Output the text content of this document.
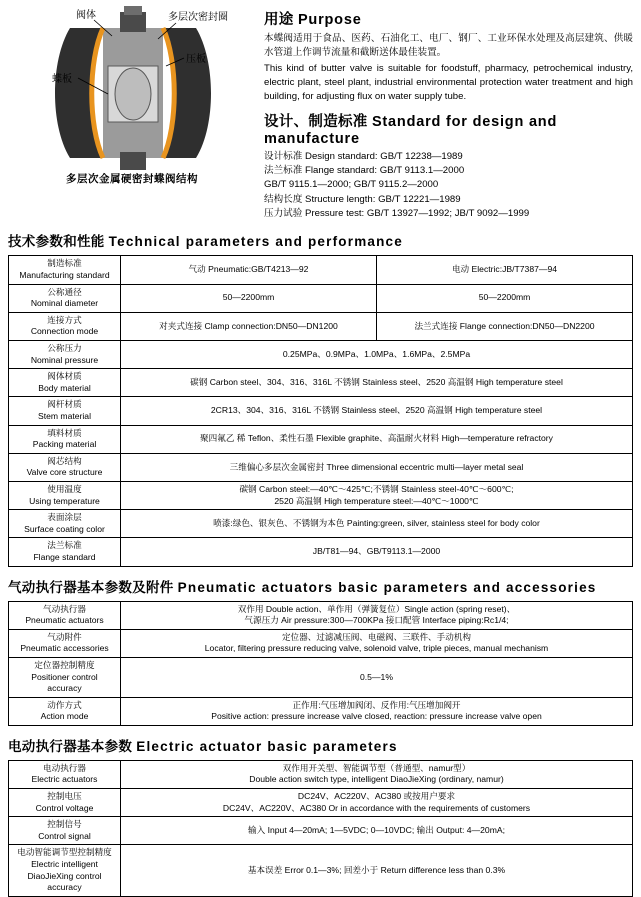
阀体	多层次密封圈
压板
蝶板
多层次金属硬密封蝶阀结构
用途 Purpose

本蝶阀适用于食品、医药、石油化工、电厂、钢厂、工业环保水处理及高层建筑、供暖水管道上作调节流量和截断送体最佳装置。

This kind of butter valve is suitable for foodstuff, pharmacy, petrochemical industry, electric plant, steel plant, industrial environmental protection water treatment and high building, for adjusting flux on water supply tube.

设计、制造标准 Standard for design and manufacture
设计标准 Design standard: GB/T 12238—1989
法兰标准 Flange standard: GB/T 9113.1—2000
GB/T 9115.1—2000; GB/T 9115.2—2000
结构长度 Structure length: GB/T 12221—1989
压力试验 Pressure test: GB/T 13927—1992; JB/T 9092—1999
技术参数和性能 Technical parameters and performance
制造标准
Manufacturing standard	气动 Pneumatic:GB/T4213—92	电动 Electric:JB/T7387—94

公称通径
Nominal diameter	50—2200mm	50—2200mm

连接方式
Connection mode	对夹式连接 Clamp connection:DN50—DN1200	法兰式连接 Flange connection:DN50—DN2200

公称压力
Nominal pressure	0.25MPa、0.9MPa、1.0MPa、1.6MPa、2.5MPa	

阀体材质
Body material	碳钢 Carbon steel、304、316、316L 不锈钢 Stainless steel、2520 高温钢 High temperature steel	

阀杆材质
Stem material	2CR13、304、316、316L 不锈钢 Stainless steel、2520 高温钢 High temperature steel	

填料材质
Packing material	聚四氟乙 稀 Teflon、柔性石墨 Flexible graphite、高温耐火材料 High—temperature refractory	

阀芯结构
Valve core structure	三维偏心多层次金属密封 Three dimensional eccentric multi—layer metal seal	

使用温度
Using temperature	碳钢 Carbon steel:—40℃～425℃;不锈钢 Stainless steel-40℃～600℃;
2520 高温钢 High temperature steel:—40℃～1000℃	

表面涂层
Surface coating color	喷漆:绿色、银灰色、不锈钢为本色 Painting:green, silver, stainless steel for body color	

法兰标准
Flange standard	JB/T81—94、GB/T9113.1—2000	
气动执行器基本参数及附件 Pneumatic actuators basic parameters and accessories
气动执行器
Pneumatic actuators	双作用 Double action、单作用（弹簧复位）Single action (spring reset)、
气源压力 Air pressure:300—700KPa 接口配管 Interface piping:Rc1/4;

气动附件
Pneumatic accessories	定位器、过滤减压阀、电磁阀、三联件、手动机构
Locator, filtering pressure reducing valve, solenoid valve, triple pieces, manual mechanism

定位器控制精度
Positioner control accuracy	0.5—1%

动作方式
Action mode	正作用:气压增加阀闭、反作用:气压增加阀开
Positive action: pressure increase valve closed, reaction: pressure increase valve open
电动执行器基本参数 Electric actuator basic parameters
电动执行器
Electric actuators	双作用开关型、智能调节型（普通型、namur型）
Double action switch type, intelligent DiaoJieXing (ordinary, namur)

控制电压
Control voltage	DC24V、AC220V、AC380 或按用户要求
DC24V、AC220V、AC380 Or in accordance with the requirements of customers

控制信号
Control signal	输入 Input 4—20mA; 1—5VDC; 0—10VDC; 输出 Output: 4—20mA;

电动智能调节型控制精度
Electric intelligent DiaoJieXing control accuracy	基本误差 Error 0.1—3%; 回差小于 Return difference less than 0.3%
